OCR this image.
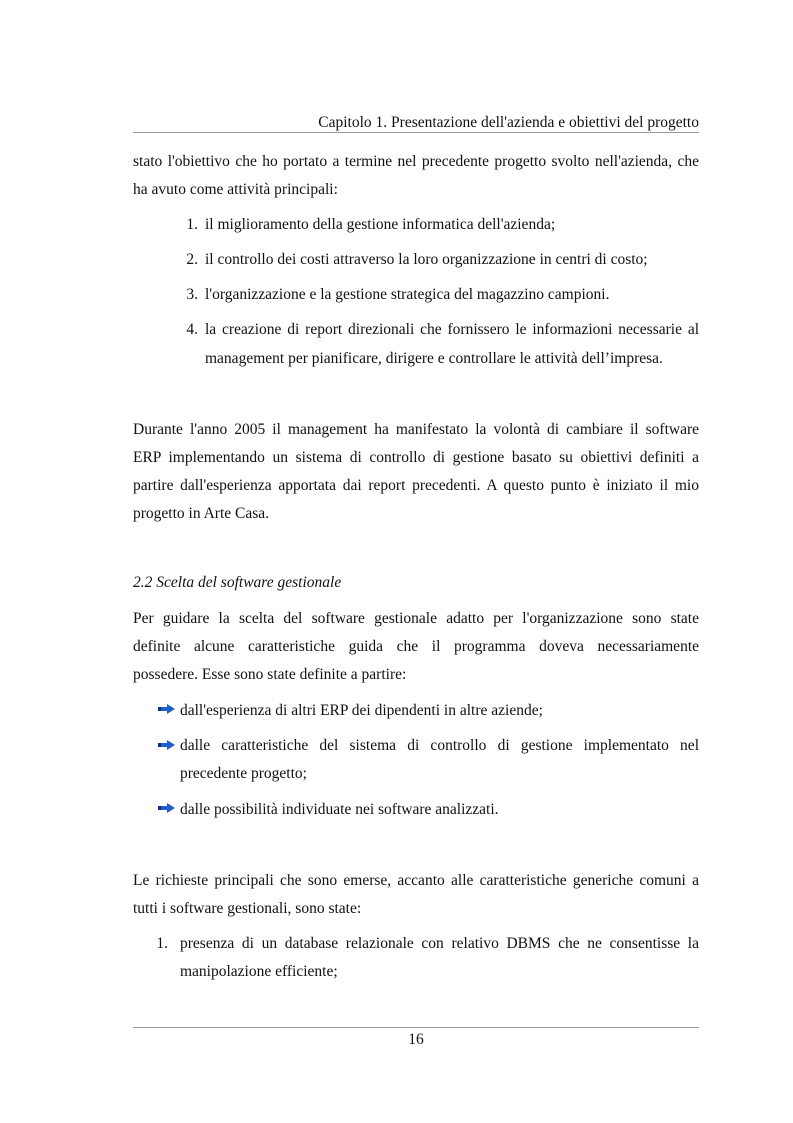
Capitolo 1. Presentazione dell'azienda e obiettivi del progetto
stato l'obiettivo che ho portato a termine nel precedente progetto svolto nell'azienda, che
ha avuto come attività principali:
1. il miglioramento della gestione informatica dell'azienda;
2. il controllo dei costi attraverso la loro organizzazione in centri di costo;
3. l'organizzazione e la gestione strategica del magazzino campioni.
4. la creazione di report direzionali che fornissero le informazioni necessarie al
management per pianificare, dirigere e controllare le attività dell’impresa.
Durante l'anno 2005 il management ha manifestato la volontà di cambiare il software
ERP implementando un sistema di controllo di gestione basato su obiettivi definiti a
partire dall'esperienza apportata dai report precedenti. A questo punto è iniziato il mio
progetto in Arte Casa.
2.2 Scelta del software gestionale
Per guidare la scelta del software gestionale adatto per l'organizzazione sono state
definite alcune caratteristiche guida che il programma doveva necessariamente
possedere. Esse sono state definite a partire:
dall'esperienza di altri ERP dei dipendenti in altre aziende;
dalle caratteristiche del sistema di controllo di gestione implementato nel
precedente progetto;
dalle possibilità individuate nei software analizzati.
Le richieste principali che sono emerse, accanto alle caratteristiche generiche comuni a
tutti i software gestionali, sono state:
1. presenza di un database relazionale con relativo DBMS che ne consentisse la
manipolazione efficiente;
16
